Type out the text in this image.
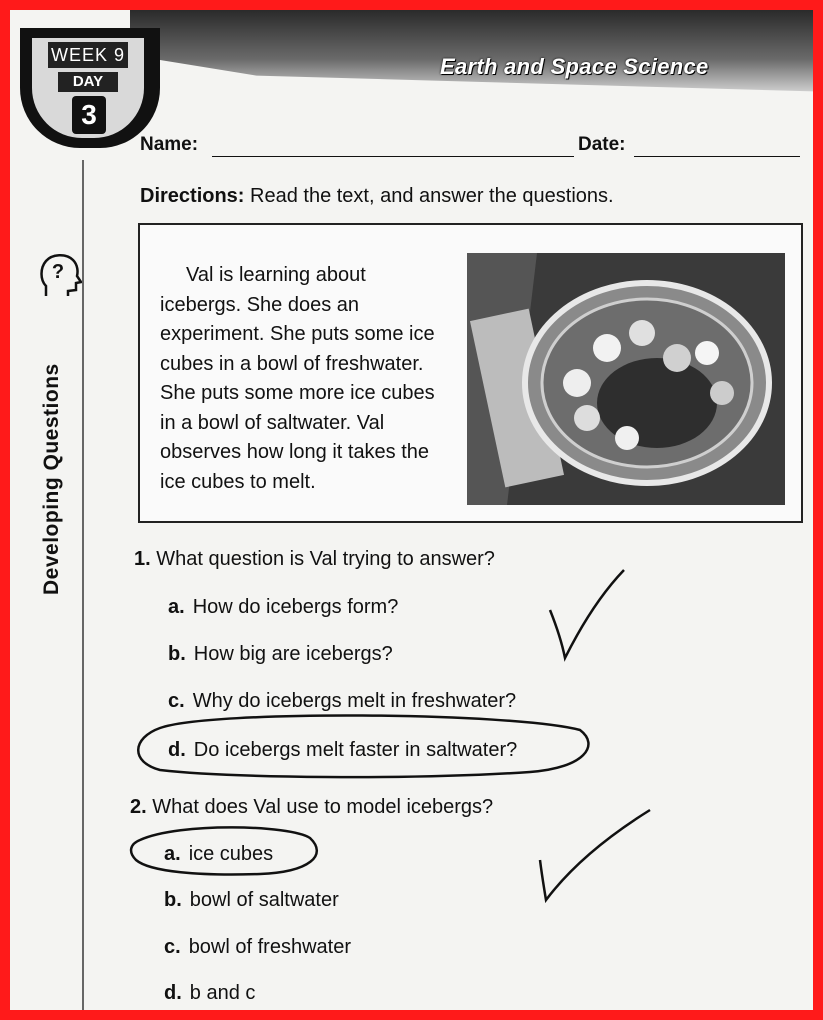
Earth and Space Science
WEEK 9
DAY
3
?
Developing Questions
Name:	Date:
Directions: Read the text, and answer the questions.
Val is learning about
icebergs. She does an
experiment. She puts some ice
cubes in a bowl of freshwater.
She puts some more ice cubes
in a bowl of saltwater. Val
observes how long it takes the
ice cubes to melt.
1. What question is Val trying to answer?
a. How do icebergs form?
b. How big are icebergs?
c. Why do icebergs melt in freshwater?
d. Do icebergs melt faster in saltwater?
2. What does Val use to model icebergs?
a. ice cubes
b. bowl of saltwater
c. bowl of freshwater
d. b and c
